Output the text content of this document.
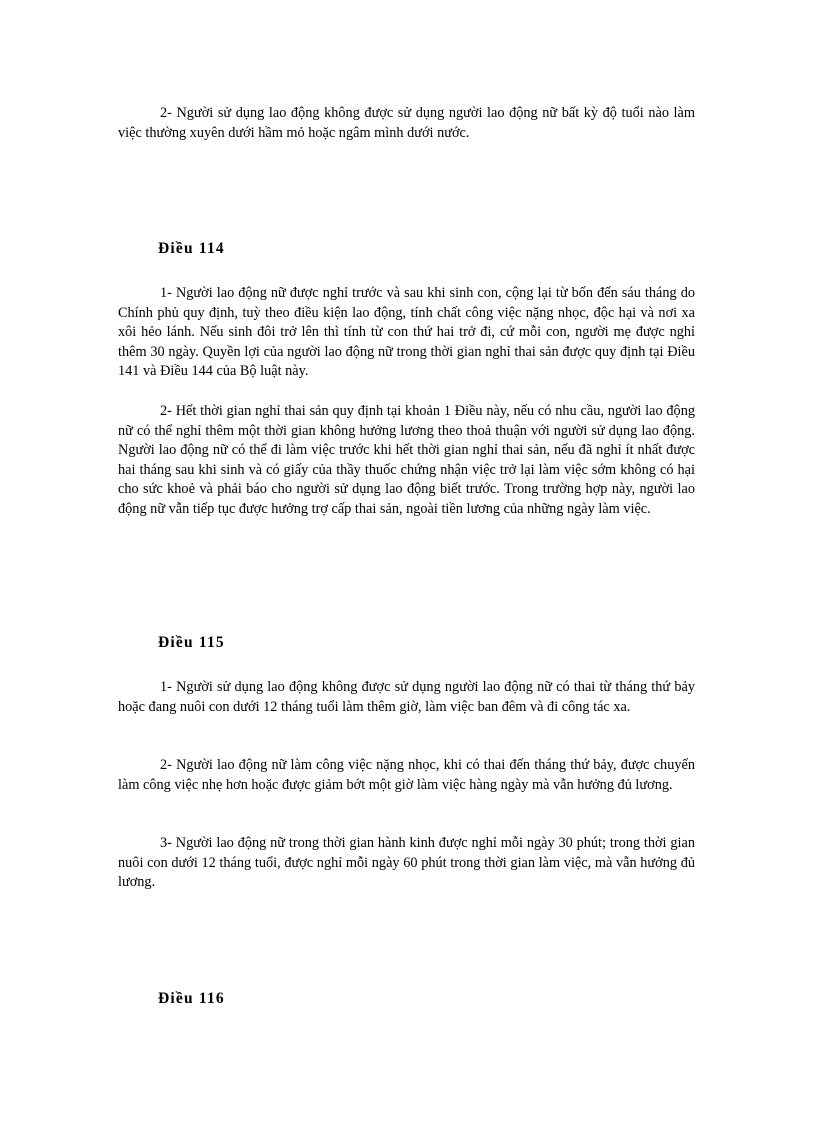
2- Người sử dụng lao động không được sử dụng người lao động nữ bất kỳ độ tuổi nào làm việc thường xuyên dưới hầm mỏ hoặc ngâm mình dưới nước.

Điều 114

1- Người lao động nữ được nghỉ trước và sau khi sinh con, cộng lại từ bốn đến sáu tháng do Chính phủ quy định, tuỳ theo điều kiện lao động, tính chất công việc nặng nhọc, độc hại và nơi xa xôi hẻo lánh. Nếu sinh đôi trở lên thì tính từ con thứ hai trở đi, cứ mỗi con, người mẹ được nghỉ thêm 30 ngày. Quyền lợi của người lao động nữ trong thời gian nghỉ thai sản được quy định tại Điều 141 và Điều 144 của Bộ luật này.

2- Hết thời gian nghỉ thai sản quy định tại khoản 1 Điều này, nếu có nhu cầu, người lao động nữ có thể nghỉ thêm một thời gian không hưởng lương theo thoả thuận với người sử dụng lao động. Người lao động nữ có thể đi làm việc trước khi hết thời gian nghỉ thai sản, nếu đã nghỉ ít nhất được hai tháng sau khi sinh và có giấy của thầy thuốc chứng nhận việc trở lại làm việc sớm không có hại cho sức khoẻ và phải báo cho người sử dụng lao động biết trước. Trong trường hợp này, người lao động nữ vẫn tiếp tục được hưởng trợ cấp thai sản, ngoài tiền lương của những ngày làm việc.

Điều 115

1- Người sử dụng lao động không được sử dụng người lao động nữ có thai từ tháng thứ bảy hoặc đang nuôi con dưới 12 tháng tuổi làm thêm giờ, làm việc ban đêm và đi công tác xa.

2- Người lao động nữ làm công việc nặng nhọc, khi có thai đến tháng thứ bảy, được chuyển làm công việc nhẹ hơn hoặc được giảm bớt một giờ làm việc hàng ngày mà vẫn hưởng đủ lương.

3- Người lao động nữ trong thời gian hành kinh được nghỉ mỗi ngày 30 phút; trong thời gian nuôi con dưới 12 tháng tuổi, được nghỉ mỗi ngày 60 phút trong thời gian làm việc, mà vẫn hưởng đủ lương.

Điều 116
